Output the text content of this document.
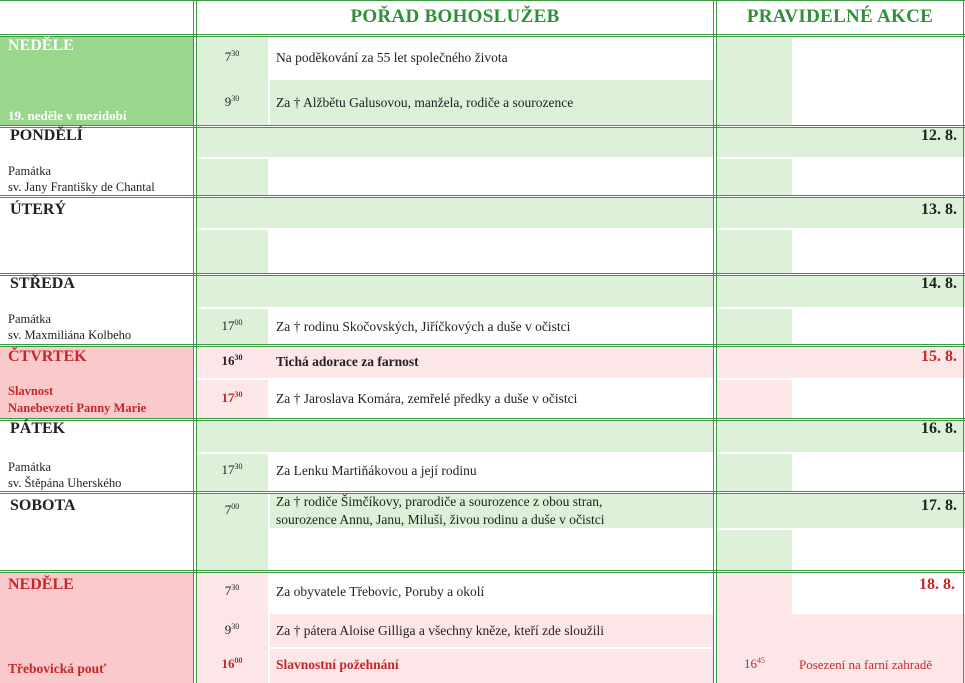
POŘAD BOHOSLUŽEB	PRAVIDELNÉ AKCE
NEDĚLE	11. 8.
19. neděle v mezidobí
$7^{30}$	Na poděkování za 55 let společného života
$9^{30}$	Za † Alžbětu Galusovou, manžela, rodiče a sourozence
PONDĚLÍ	12. 8.
Památka
sv. Jany Františky de Chantal
ÚTERÝ	13. 8.
STŘEDA	14. 8.
Památka
sv. Maxmiliána Kolbeho
$17^{00}$	Za † rodinu Skočovských, Jiříčkových a duše v očistci
ČTVRTEK	15. 8.
Slavnost
Nanebevzetí Panny Marie
$16^{30}$	Tichá adorace za farnost
$17^{30}$	Za † Jaroslava Komára, zemřelé předky a duše v očistci
PÁTEK	16. 8.
Památka
sv. Štěpána Uherského
$17^{30}$	Za Lenku Martiňákovou a její rodinu
SOBOTA	17. 8.
$7^{00}$	Za † rodiče Šimčíkovy, prarodiče a sourozence z obou stran,
sourozence Annu, Janu, Miluši, živou rodinu a duše v očistci
NEDĚLE	18. 8.
Třebovická pouť
$7^{30}$	Za obyvatele Třebovic, Poruby a okolí
$9^{30}$	Za † pátera Aloise Gilliga a všechny kněze, kteří zde sloužili
$16^{00}$	Slavnostní požehnání	$16^{45}$	Posezení na farní zahradě
